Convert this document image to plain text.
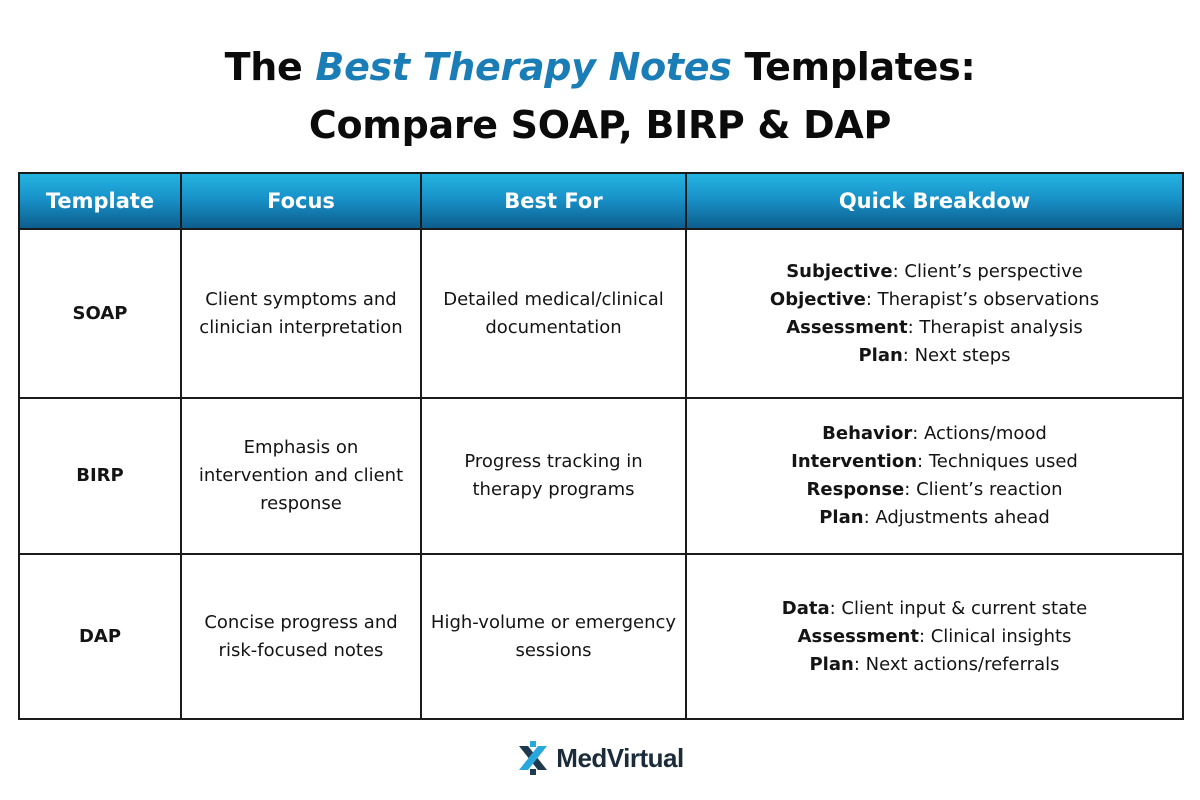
The Best Therapy Notes Templates:
Compare SOAP, BIRP & DAP
Template	Focus	Best For	Quick Breakdow
SOAP	Client symptoms and clinician interpretation	Detailed medical/clinical documentation	Subjective: Client’s perspective
Objective: Therapist’s observations
Assessment: Therapist analysis
Plan: Next steps

BIRP	Emphasis on intervention and client response	Progress tracking in therapy programs	Behavior: Actions/mood
Intervention: Techniques used
Response: Client’s reaction
Plan: Adjustments ahead

DAP	Concise progress and risk-focused notes	High-volume or emergency sessions	Data: Client input & current state
Assessment: Clinical insights
Plan: Next actions/referrals
MedVirtual
